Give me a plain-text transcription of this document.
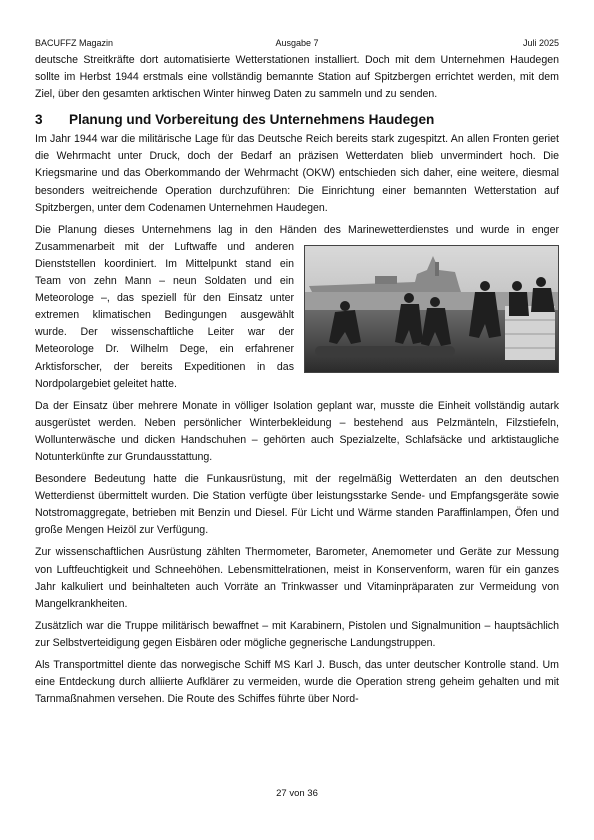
BACUFFZ Magazin	Ausgabe 7	Juli 2025

deutsche Streitkräfte dort automatisierte Wetterstationen installiert. Doch mit dem Unternehmen Haudegen sollte im Herbst 1944 erstmals eine vollständig bemannte Station auf Spitzbergen errichtet werden, mit dem Ziel, über den gesamten arktischen Winter hinweg Daten zu sammeln und zu senden.

3	Planung und Vorbereitung des Unternehmens Haudegen

Im Jahr 1944 war die militärische Lage für das Deutsche Reich bereits stark zugespitzt. An allen Fronten geriet die Wehrmacht unter Druck, doch der Bedarf an präzisen Wetterdaten blieb unvermindert hoch. Die Kriegsmarine und das Oberkommando der Wehrmacht (OKW) entschieden sich daher, eine weitere, diesmal besonders weitreichende Operation durchzuführen: Die Einrichtung einer bemannten Wetterstation auf Spitzbergen, unter dem Codenamen Unternehmen Haudegen.

Die Planung dieses Unternehmens lag in den Händen des Marinewetterdienstes und wurde in enger Zusammenarbeit mit der Luftwaffe und anderen Dienststellen koordiniert. Im Mittelpunkt stand ein Team von zehn Mann – neun Soldaten und ein Meteorologe –, das speziell für den Einsatz unter extremen klimatischen Bedingungen ausgewählt wurde. Der wissenschaftliche Leiter war der Meteorologe Dr. Wilhelm Dege, ein erfahrener Arktisforscher, der bereits Expeditionen in das Nordpolargebiet geleitet hatte.

Da der Einsatz über mehrere Monate in völliger Isolation geplant war, musste die Einheit vollständig autark ausgerüstet werden. Neben persönlicher Winterbekleidung – bestehend aus Pelzmänteln, Filzstiefeln, Wollunterwäsche und dicken Handschuhen – gehörten auch Spezialzelte, Schlafsäcke und arktistaugliche Notunterkünfte zur Grundausstattung.

Besondere Bedeutung hatte die Funkausrüstung, mit der regelmäßig Wetterdaten an den deutschen Wetterdienst übermittelt wurden. Die Station verfügte über leistungsstarke Sende- und Empfangsgeräte sowie Notstromaggregate, betrieben mit Benzin und Diesel. Für Licht und Wärme standen Paraffinlampen, Öfen und große Mengen Heizöl zur Verfügung.

Zur wissenschaftlichen Ausrüstung zählten Thermometer, Barometer, Anemometer und Geräte zur Messung von Luftfeuchtigkeit und Schneehöhen. Lebensmittelrationen, meist in Konservenform, waren für ein ganzes Jahr kalkuliert und beinhalteten auch Vorräte an Trinkwasser und Vitaminpräparaten zur Vermeidung von Mangelkrankheiten.

Zusätzlich war die Truppe militärisch bewaffnet – mit Karabinern, Pistolen und Signalmunition – hauptsächlich zur Selbstverteidigung gegen Eisbären oder mögliche gegnerische Landungstruppen.

Als Transportmittel diente das norwegische Schiff MS Karl J. Busch, das unter deutscher Kontrolle stand. Um eine Entdeckung durch alliierte Aufklärer zu vermeiden, wurde die Operation streng geheim gehalten und mit Tarnmaßnahmen versehen. Die Route des Schiffes führte über Nord-

27 von 36
